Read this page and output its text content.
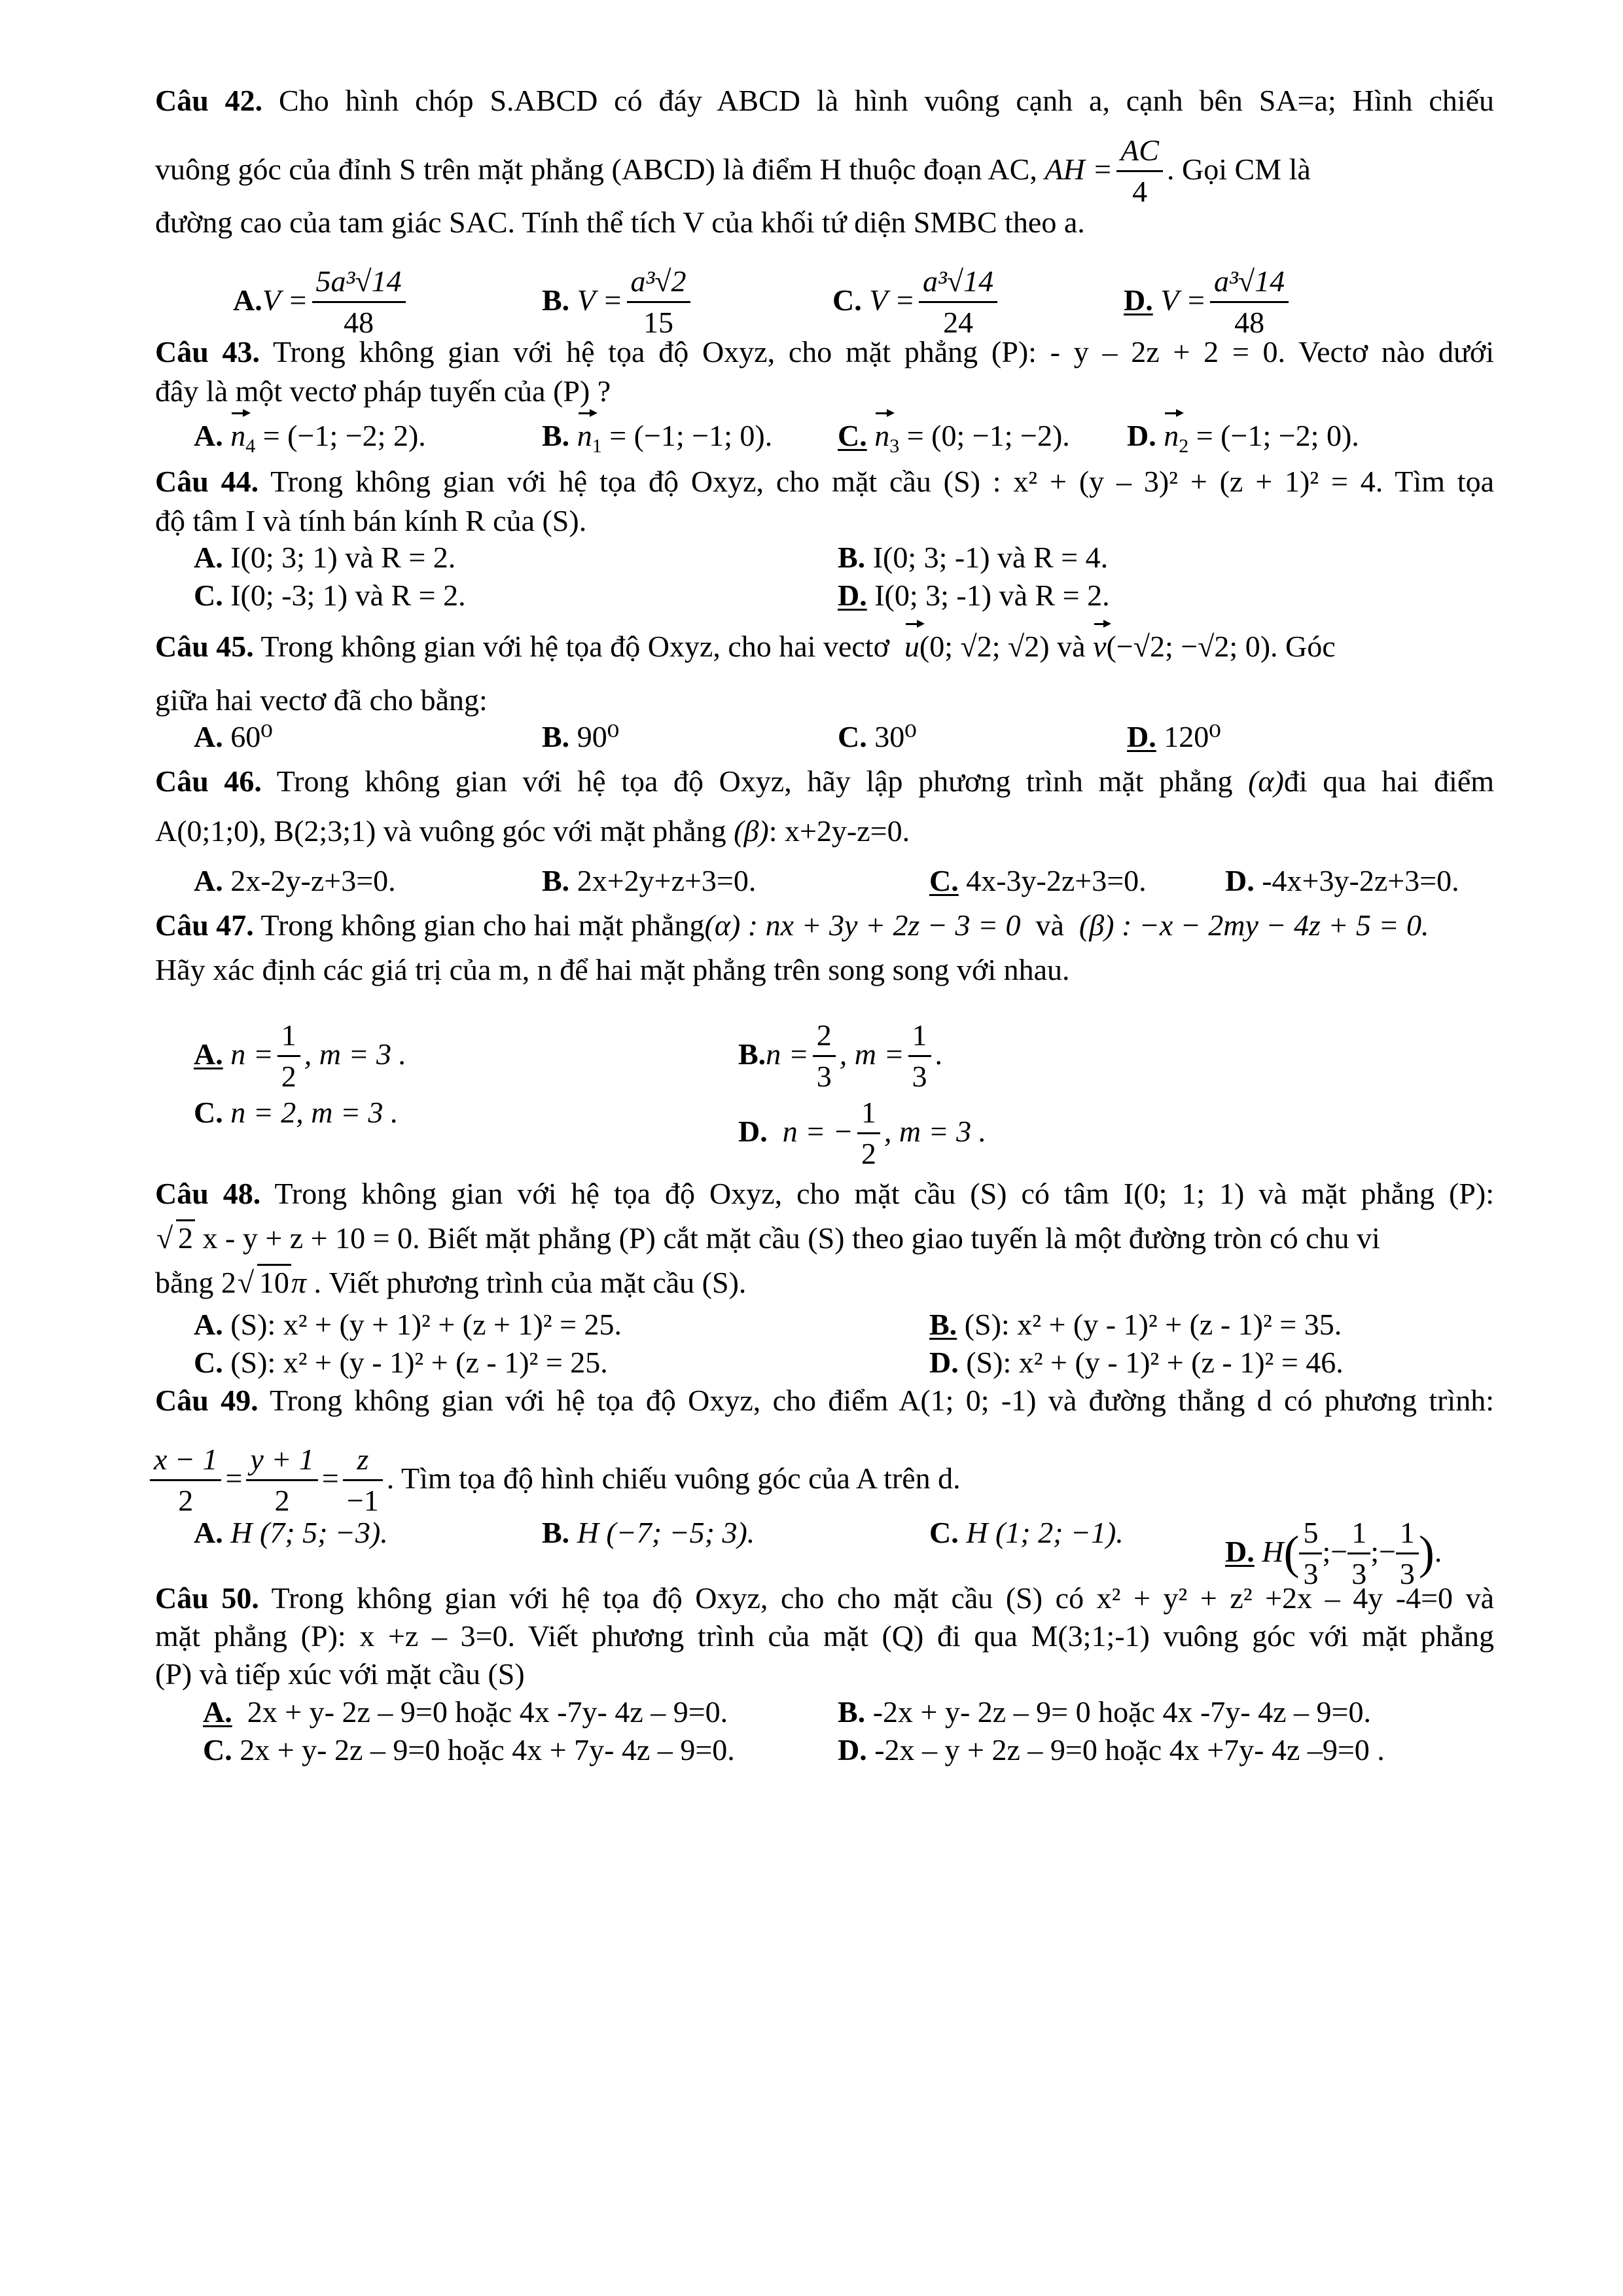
Câu 42. Cho hình chóp S.ABCD có đáy ABCD là hình vuông cạnh a, cạnh bên SA=a; Hình chiếu
vuông góc của đỉnh S trên mặt phẳng (ABCD) là điểm H thuộc đoạn AC, AH = $\frac{AC}{4}$ . Gọi CM là
đường cao của tam giác SAC. Tính thể tích V của khối tứ diện SMBC theo a.
$A.V = \frac{\text{5a³√14}}{48}$	B. $V = \frac{\text{a³√2}}{15}$	C. $V = \frac{\text{a³√14}}{24}$	D. $V = \frac{\text{a³√14}}{48}$
Câu 43. Trong không gian với hệ tọa độ Oxyz, cho mặt phẳng (P): - y – 2z + 2 = 0. Vectơ nào dưới
đây là một vectơ pháp tuyến của (P) ?
A. $n_4 = (-1$; −2; 2).	B. $n_1 = (-1$; −1; 0). C. $n_3 = (0$; −1; −2). D. $n_2 = (-1$; −2; 0).
Câu 44. Trong không gian với hệ tọa độ Oxyz, cho mặt cầu (S) : x² + (y – 3)² + (z + 1)² = 4. Tìm tọa
độ tâm I và tính bán kính R của (S).
A. I(0; 3; 1) và R = 2.	B. I(0; 3; -1) và R = 4.
C. I(0; -3; 1) và R = 2.	D. I(0; 3; -1) và R = 2.
Câu 45. Trong không gian với hệ tọa độ Oxyz, cho hai vectơ u(0; √2; √2) và v(−√2; −√2; 0). Góc
giữa hai vectơ đã cho bằng:
A. 60⁰	B. 90⁰	C. 30⁰	D. 120⁰
Câu 46. Trong không gian với hệ tọa độ Oxyz, hãy lập phương trình mặt phẳng (α)đi qua hai điểm
A(0;1;0), B(2;3;1) và vuông góc với mặt phẳng (β): x+2y-z=0.
A. 2x-2y-z+3=0.	B. 2x+2y+z+3=0.	C. 4x-3y-2z+3=0.	D. -4x+3y-2z+3=0.
Câu 47. Trong không gian cho hai mặt phẳng(α) : nx + 3y + 2z − 3 = 0 và (β) : −x − 2my − 4z + 5 = 0.
Hãy xác định các giá trị của m, n để hai mặt phẳng trên song song với nhau.
A. $n = \frac{1}{2}$ , m = 3 .	$B.n = \frac{2}{3}$ , $m = \frac{1}{3}$ .
C. n = 2, m = 3 .
D. n = − $\frac{1}{2}$ , m = 3 .
Câu 48. Trong không gian với hệ tọa độ Oxyz, cho mặt cầu (S) có tâm I(0; 1; 1) và mặt phẳng (P):
√ 2 x - y + z + 10 = 0. Biết mặt phẳng (P) cắt mặt cầu (S) theo giao tuyến là một đường tròn có chu vi
bằng 2√ 10π . Viết phương trình của mặt cầu (S).
A. (S): x² + (y + 1)² + (z + 1)² = 25.	B. (S): x² + (y - 1)² + (z - 1)² = 35.
C. (S): x² + (y - 1)² + (z - 1)² = 25.	D. (S): x² + (y - 1)² + (z - 1)² = 46.
Câu 49. Trong không gian với hệ tọa độ Oxyz, cho điểm A(1; 0; -1) và đường thẳng d có phương trình:
$\frac{x - 1}{2} = \frac{y + 1}{2} = \frac{z}{-1}$ . Tìm tọa độ hình chiếu vuông góc của A trên d.
A. H (7; 5; −3).	B. H (−7; −5; 3).	C. H (1; 2; −1).
D. $H( \frac{5}{3}$ ;− $\frac{1}{3}$ ;− $\frac{1}{3}$ ).
Câu 50. Trong không gian với hệ tọa độ Oxyz, cho cho mặt cầu (S) có x² + y² + z² +2x – 4y -4=0 và
mặt phẳng (P): x +z – 3=0. Viết phương trình của mặt (Q) đi qua M(3;1;-1) vuông góc với mặt phẳng
(P) và tiếp xúc với mặt cầu (S)
A. 2x + y- 2z – 9=0 hoặc 4x -7y- 4z – 9=0.	B. -2x + y- 2z – 9= 0 hoặc 4x -7y- 4z – 9=0.
C. 2x + y- 2z – 9=0 hoặc 4x + 7y- 4z – 9=0.	D. -2x – y + 2z – 9=0 hoặc 4x +7y- 4z –9=0 .
